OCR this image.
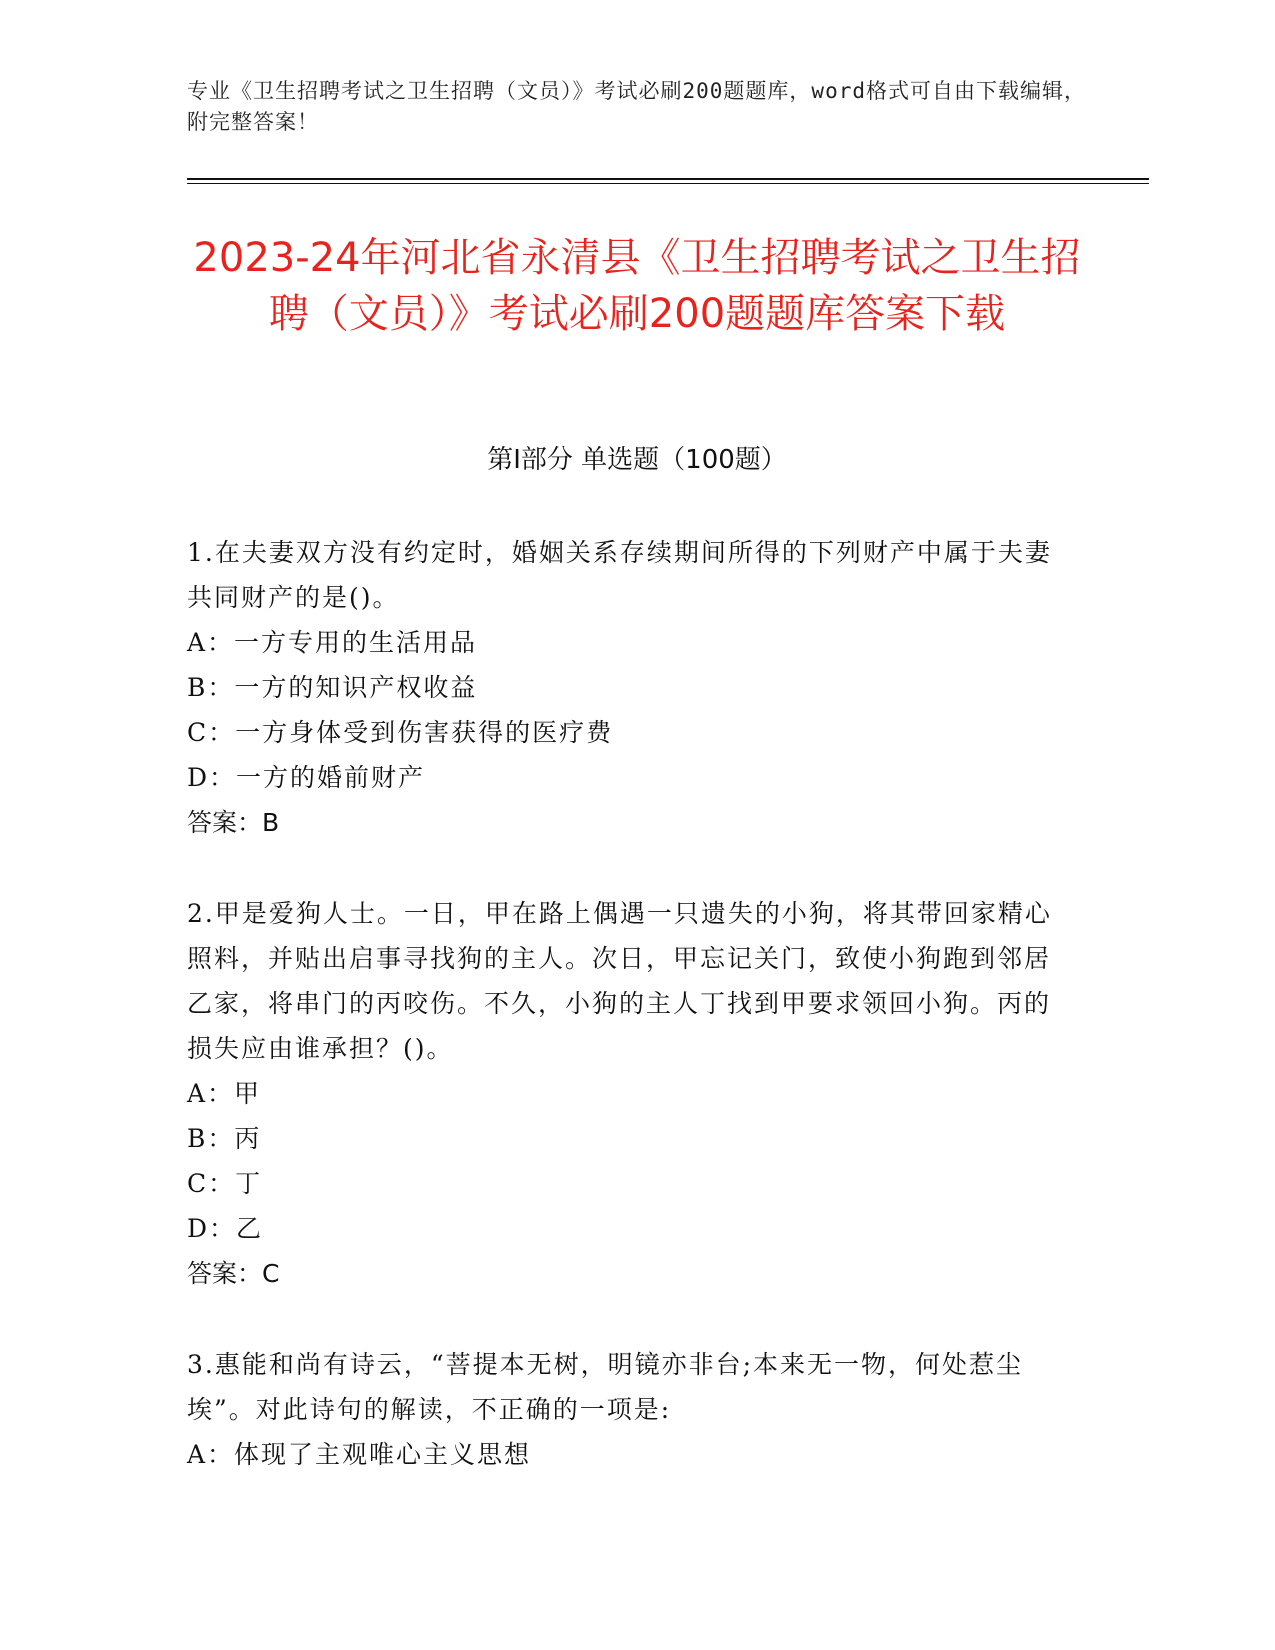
专业《卫生招聘考试之卫生招聘（文员）》考试必刷200题题库，word格式可自由下载编辑，附完整答案！
2023-24年河北省永清县《卫生招聘考试之卫生招聘（文员）》考试必刷200题题库答案下载
第I部分 单选题（100题）

1.在夫妻双方没有约定时，婚姻关系存续期间所得的下列财产中属于夫妻共同财产的是()。

A：一方专用的生活用品
B：一方的知识产权收益
C：一方身体受到伤害获得的医疗费
D：一方的婚前财产

答案：B

2.甲是爱狗人士。一日，甲在路上偶遇一只遗失的小狗，将其带回家精心照料，并贴出启事寻找狗的主人。次日，甲忘记关门，致使小狗跑到邻居乙家，将串门的丙咬伤。不久，小狗的主人丁找到甲要求领回小狗。丙的损失应由谁承担？()。

A：甲
B：丙
C：丁
D：乙

答案：C

3.惠能和尚有诗云，“菩提本无树，明镜亦非台;本来无一物，何处惹尘埃”。对此诗句的解读，不正确的一项是:

A：体现了主观唯心主义思想
